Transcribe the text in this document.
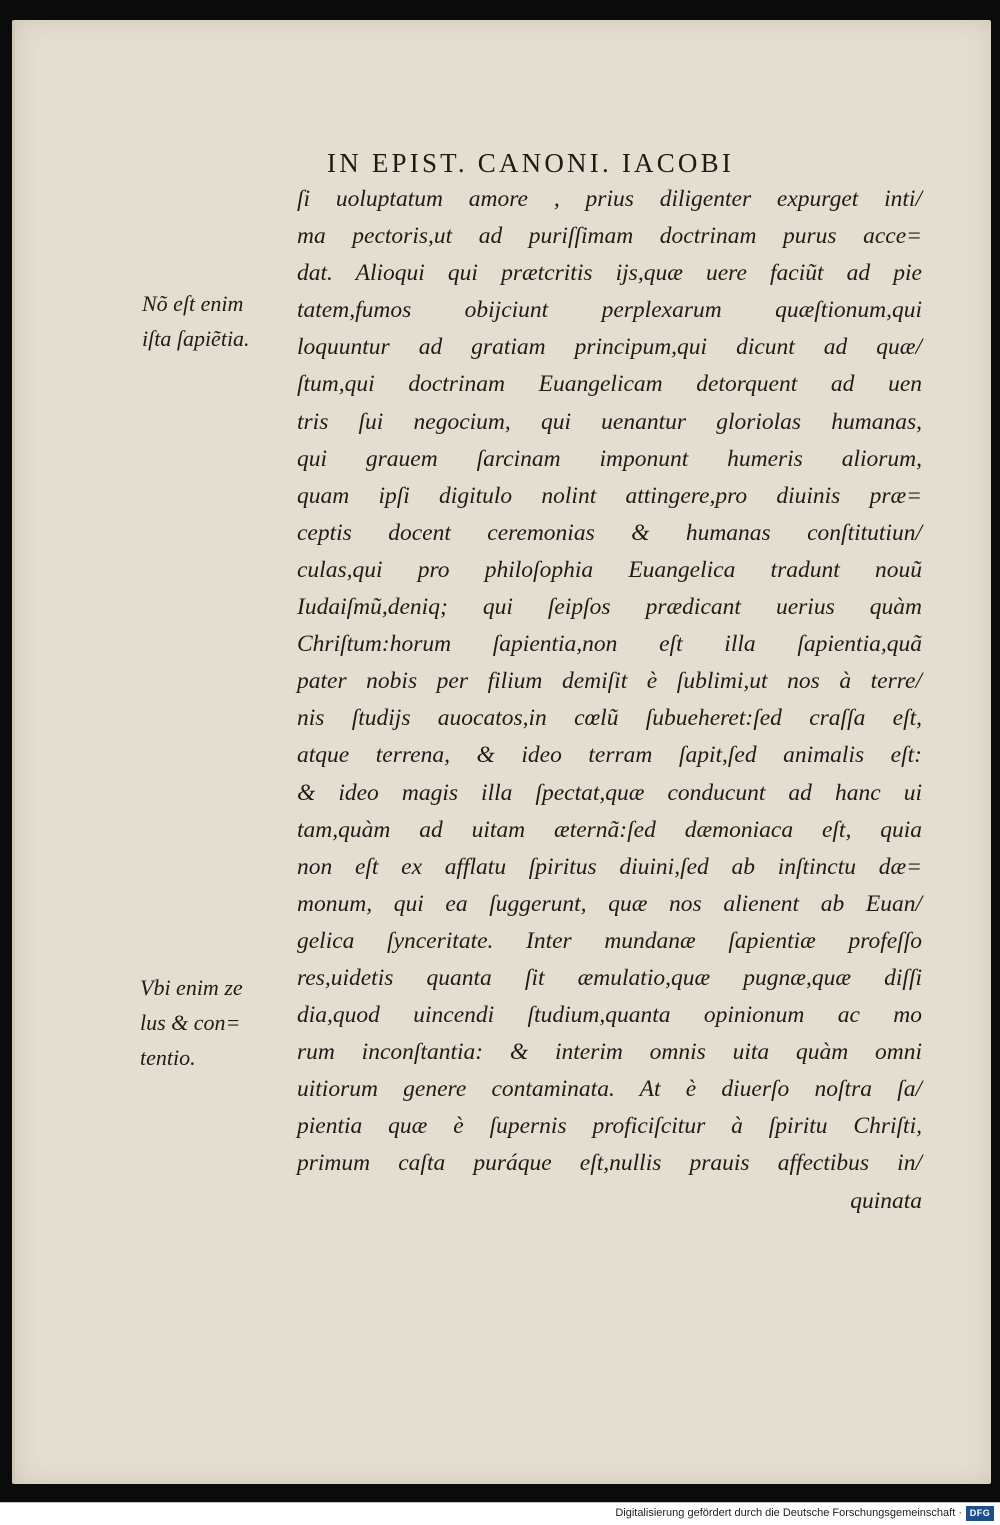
IN EPIST. CANONI. IACOBI

ſi uoluptatum amore , prius diligenter expurget inti/
ma pectoris,ut ad puriſſimam doctrinam purus acce=
dat. Alioqui qui prætcritis ijs,quæ uere faciũt ad pie
tatem,fumos obijciunt perplexarum quæſtionum,qui
loquuntur ad gratiam principum,qui dicunt ad quæ/
ſtum,qui doctrinam Euangelicam detorquent ad uen
tris ſui negocium, qui uenantur gloriolas humanas,
qui grauem ſarcinam imponunt humeris aliorum,
quam ipſi digitulo nolint attingere,pro diuinis præ=
ceptis docent ceremonias & humanas conſtitutiun/
culas,qui pro philoſophia Euangelica tradunt nouũ
Iudaiſmũ,deniq; qui ſeipſos prædicant uerius quàm
Chriſtum:horum ſapientia,non eſt illa ſapientia,quã
pater nobis per filium demiſit è ſublimi,ut nos à terre/
nis ſtudijs auocatos,in cœlũ ſubueheret:ſed craſſa eſt,
atque terrena, & ideo terram ſapit,ſed animalis eſt:
& ideo magis illa ſpectat,quæ conducunt ad hanc ui
tam,quàm ad uitam æternã:ſed dæmoniaca eſt, quia
non eſt ex afflatu ſpiritus diuini,ſed ab inſtinctu dæ=
monum, qui ea ſuggerunt, quæ nos alienent ab Euan/
gelica ſynceritate. Inter mundanæ ſapientiæ profeſſo
res,uidetis quanta ſit æmulatio,quæ pugnæ,quæ diſſi
dia,quod uincendi ſtudium,quanta opinionum ac mo
rum inconſtantia: & interim omnis uita quàm omni
uitiorum genere contaminata. At è diuerſo noſtra ſa/
pientia quæ è ſupernis proficiſcitur à ſpiritu Chriſti,
primum caſta puráque eſt,nullis prauis affectibus in/
quinata
Nõ eſt enim
iſta ſapiẽtia.
Vbi enim ze
lus & con=
tentio.
Digitalisierung gefördert durch die Deutsche Forschungsgemeinschaft · DFG
